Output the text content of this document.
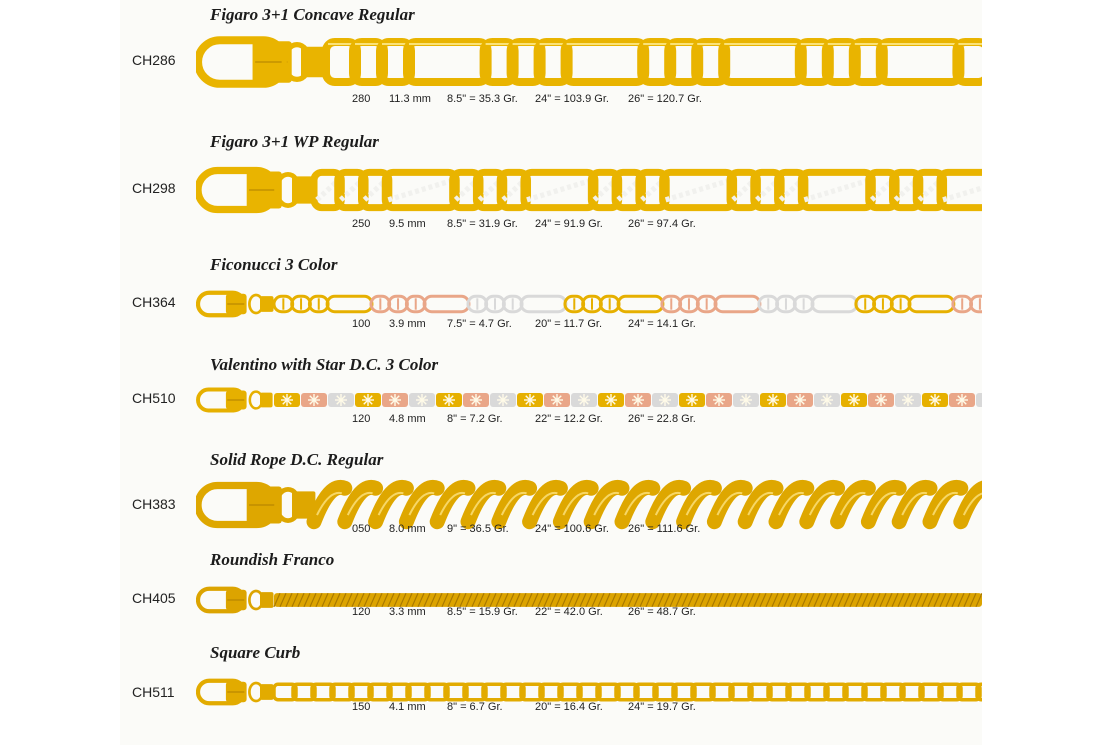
Figaro 3+1 Concave Regular
CH286
280 11.3 mm 8.5" = 35.3 Gr. 24" = 103.9 Gr. 26" = 120.7 Gr.
Figaro 3+1 WP Regular
CH298
250 9.5 mm 8.5" = 31.9 Gr. 24" = 91.9 Gr. 26" = 97.4 Gr.
Ficonucci 3 Color
CH364
100 3.9 mm 7.5" = 4.7 Gr. 20" = 11.7 Gr. 24" = 14.1 Gr.
Valentino with Star D.C. 3 Color
CH510
120 4.8 mm 8" = 7.2 Gr.	22" = 12.2 Gr. 26" = 22.8 Gr.
Solid Rope D.C. Regular
CH383
050 8.0 mm 9" = 36.5 Gr. 24" = 100.6 Gr. 26" = 111.6 Gr.
Roundish Franco
CH405
120 3.3 mm 8.5" = 15.9 Gr. 22" = 42.0 Gr. 26" = 48.7 Gr.
Square Curb
CH511
150 4.1 mm 8" = 6.7 Gr.	20" = 16.4 Gr. 24" = 19.7 Gr.
